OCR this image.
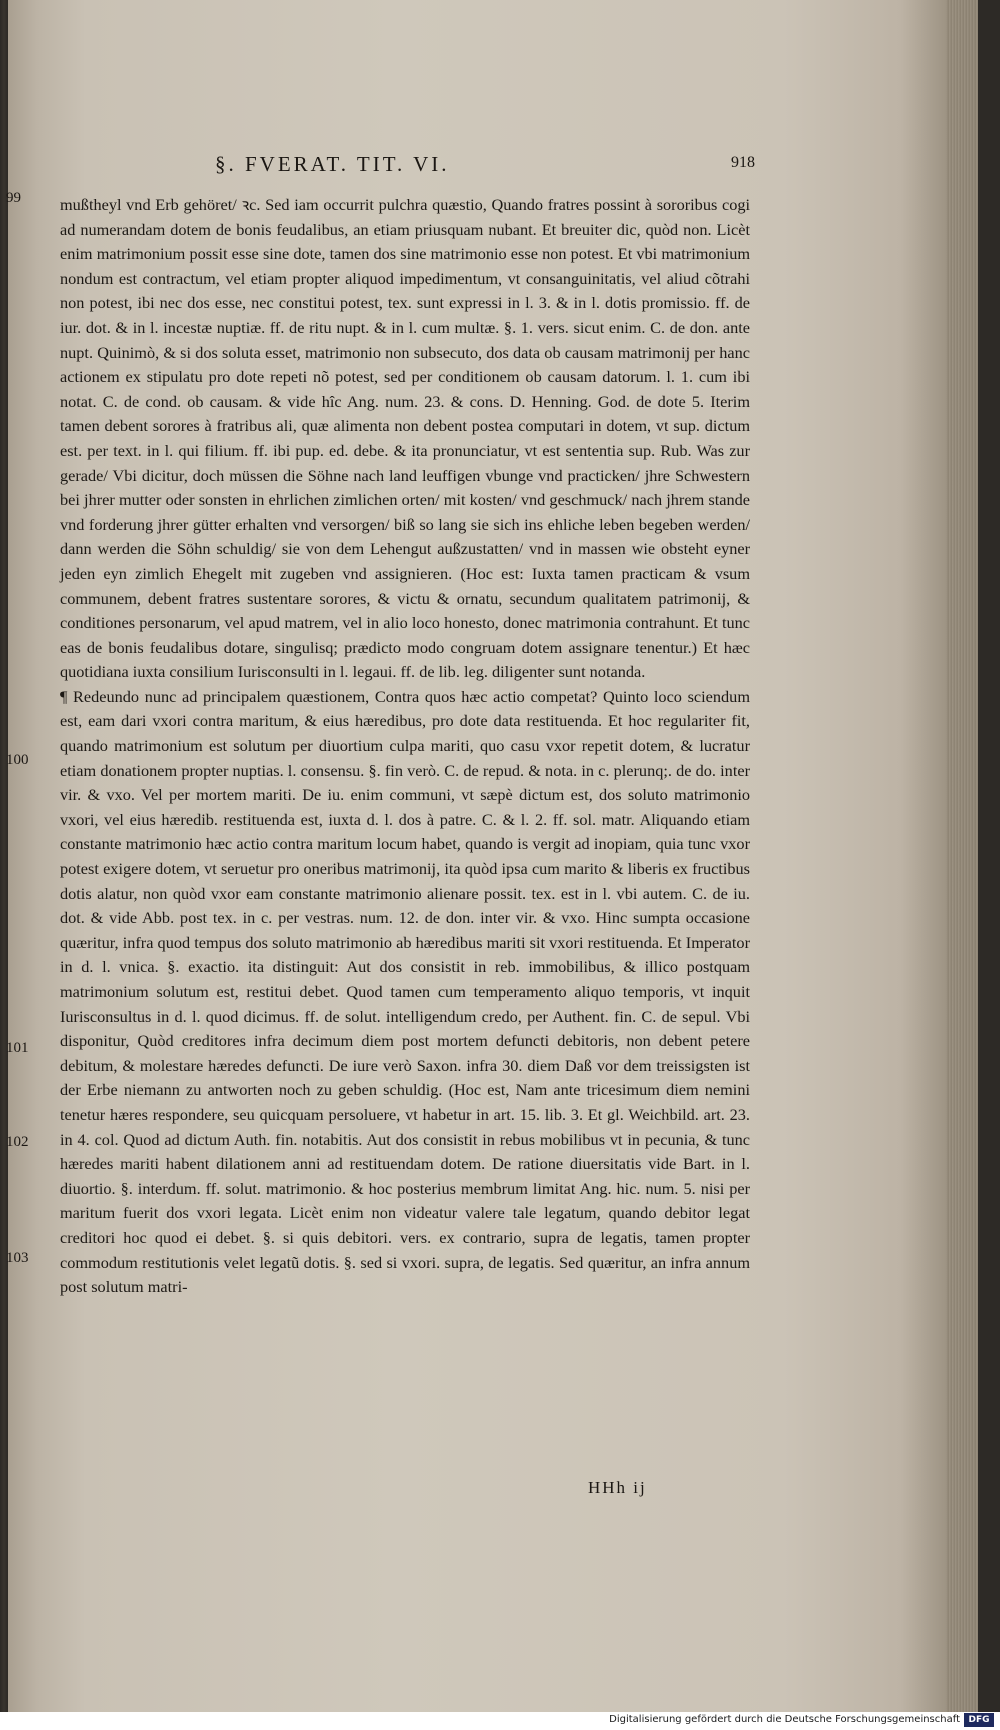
§. FVERAT. TIT. VI.	918
99
100
101
102
103

mußtheyl vnd Erb gehöret/ ꝛc. Sed iam occurrit pulchra quæstio, Quando fratres possint à sororibus cogi ad numerandam dotem de bonis feudalibus, an etiam priusquam nubant. Et breuiter dic, quòd non. Licèt enim matrimonium possit esse sine dote, tamen dos sine matrimonio esse non potest. Et vbi matrimonium nondum est contractum, vel etiam propter aliquod impedimentum, vt consanguinitatis, vel aliud cõtrahi non potest, ibi nec dos esse, nec constitui potest, tex. sunt expressi in l. 3. & in l. dotis promissio. ff. de iur. dot. & in l. incestæ nuptiæ. ff. de ritu nupt. & in l. cum multæ. §. 1. vers. sicut enim. C. de don. ante nupt. Quinimò, & si dos soluta esset, matrimonio non subsecuto, dos data ob causam matrimonij per hanc actionem ex stipulatu pro dote repeti nõ potest, sed per conditionem ob causam datorum. l. 1. cum ibi notat. C. de cond. ob causam. & vide hîc Ang. num. 23. & cons. D. Henning. God. de dote 5. Iterim tamen debent sorores à fratribus ali, quæ alimenta non debent postea computari in dotem, vt sup. dictum est. per text. in l. qui filium. ff. ibi pup. ed. debe. & ita pronunciatur, vt est sententia sup. Rub. Was zur gerade/ Vbi dicitur, doch müssen die Söhne nach land leuffigen vbunge vnd practicken/ jhre Schwestern bei jhrer mutter oder sonsten in ehrlichen zimlichen orten/ mit kosten/ vnd geschmuck/ nach jhrem stande vnd forderung jhrer gütter erhalten vnd versorgen/ biß so lang sie sich ins ehliche leben begeben werden/ dann werden die Söhn schuldig/ sie von dem Lehengut außzustatten/ vnd in massen wie obsteht eyner jeden eyn zimlich Ehegelt mit zugeben vnd assignieren. (Hoc est: Iuxta tamen practicam & vsum communem, debent fratres sustentare sorores, & victu & ornatu, secundum qualitatem patrimonij, & conditiones personarum, vel apud matrem, vel in alio loco honesto, donec matrimonia contrahunt. Et tunc eas de bonis feudalibus dotare, singulisq; prædicto modo congruam dotem assignare tenentur.) Et hæc quotidiana iuxta consilium Iurisconsulti in l. legaui. ff. de lib. leg. diligenter sunt notanda.

¶ Redeundo nunc ad principalem quæstionem, Contra quos hæc actio competat? Quinto loco sciendum est, eam dari vxori contra maritum, & eius hæredibus, pro dote data restituenda. Et hoc regulariter fit, quando matrimonium est solutum per diuortium culpa mariti, quo casu vxor repetit dotem, & lucratur etiam donationem propter nuptias. l. consensu. §. fin verò. C. de repud. & nota. in c. plerunq;. de do. inter vir. & vxo. Vel per mortem mariti. De iu. enim communi, vt sæpè dictum est, dos soluto matrimonio vxori, vel eius hæredib. restituenda est, iuxta d. l. dos à patre. C. & l. 2. ff. sol. matr. Aliquando etiam constante matrimonio hæc actio contra maritum locum habet, quando is vergit ad inopiam, quia tunc vxor potest exigere dotem, vt seruetur pro oneribus matrimonij, ita quòd ipsa cum marito & liberis ex fructibus dotis alatur, non quòd vxor eam constante matrimonio alienare possit. tex. est in l. vbi autem. C. de iu. dot. & vide Abb. post tex. in c. per vestras. num. 12. de don. inter vir. & vxo. Hinc sumpta occasione quæritur, infra quod tempus dos soluto matrimonio ab hæredibus mariti sit vxori restituenda. Et Imperator in d. l. vnica. §. exactio. ita distinguit: Aut dos consistit in reb. immobilibus, & illico postquam matrimonium solutum est, restitui debet. Quod tamen cum temperamento aliquo temporis, vt inquit Iurisconsultus in d. l. quod dicimus. ff. de solut. intelligendum credo, per Authent. fin. C. de sepul. Vbi disponitur, Quòd creditores infra decimum diem post mortem defuncti debitoris, non debent petere debitum, & molestare hæredes defuncti. De iure verò Saxon. infra 30. diem Daß vor dem treissigsten ist der Erbe niemann zu antworten noch zu geben schuldig. (Hoc est, Nam ante tricesimum diem nemini tenetur hæres respondere, seu quicquam persoluere, vt habetur in art. 15. lib. 3. Et gl. Weichbild. art. 23. in 4. col. Quod ad dictum Auth. fin. notabitis. Aut dos consistit in rebus mobilibus vt in pecunia, & tunc hæredes mariti habent dilationem anni ad restituendam dotem. De ratione diuersitatis vide Bart. in l. diuortio. §. interdum. ff. solut. matrimonio. & hoc posterius membrum limitat Ang. hic. num. 5. nisi per maritum fuerit dos vxori legata. Licèt enim non videatur valere tale legatum, quando debitor legat creditori hoc quod ei debet. §. si quis debitori. vers. ex contrario, supra de legatis, tamen propter commodum restitutionis velet legatũ dotis. §. sed si vxori. supra, de legatis. Sed quæritur, an infra annum post solutum matri-

HHh ij
Digitalisierung gefördert durch die Deutsche Forschungsgemeinschaft DFG
